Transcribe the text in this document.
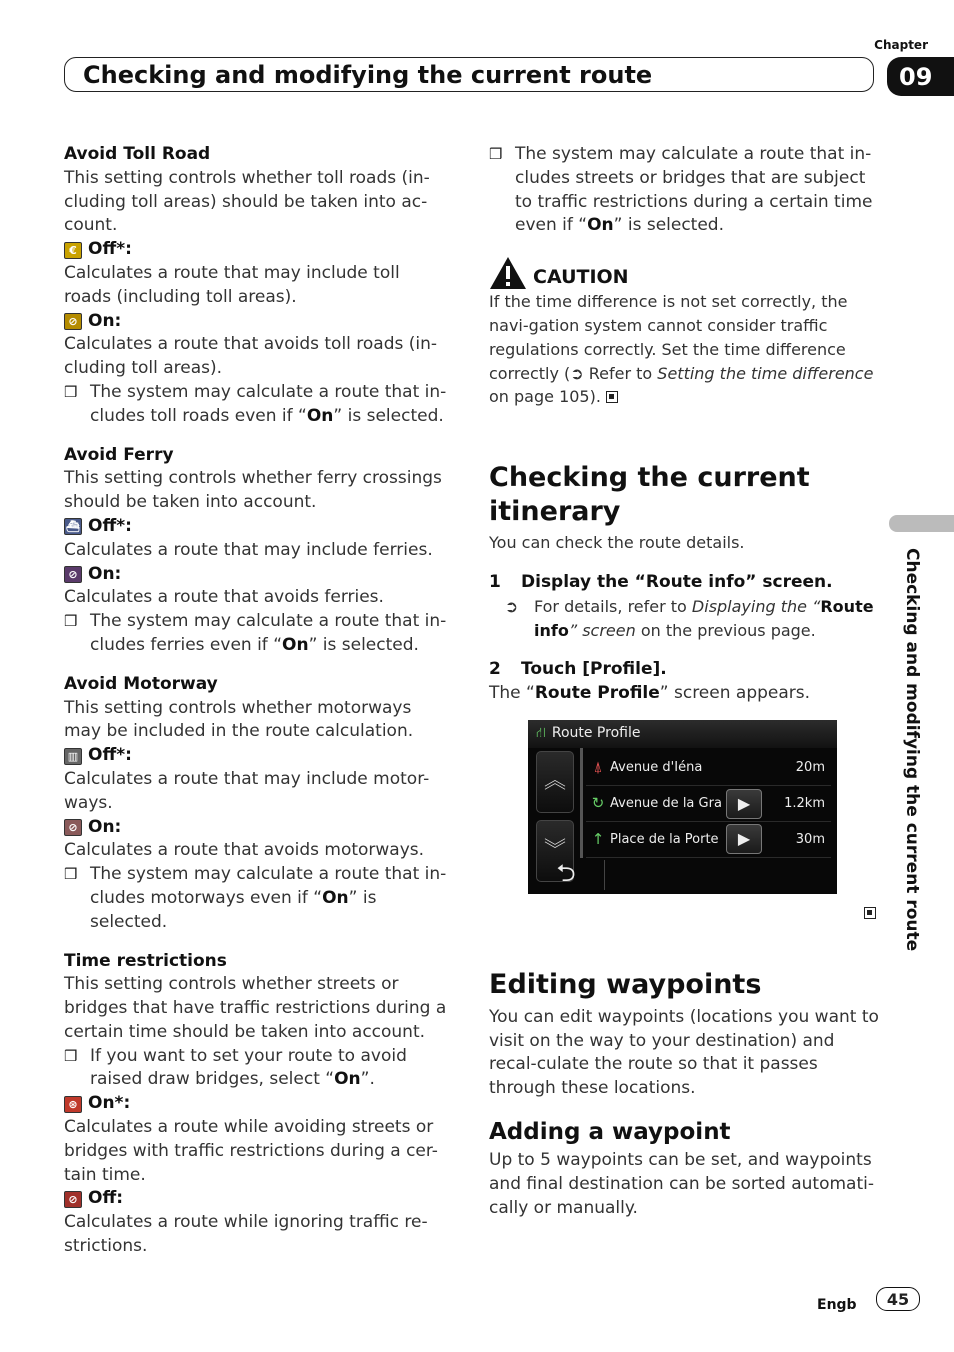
Chapter
09
Checking and modifying the current route
Avoid Toll Road
This setting controls whether toll roads (in-cluding toll areas) should be taken into ac-count.
€ Off*:
Calculates a route that may include toll roads (including toll areas).
⊘ On:
Calculates a route that avoids toll roads (in-cluding toll areas).
❒ The system may calculate a route that in-cludes toll roads even if “On” is selected.
Avoid Ferry
This setting controls whether ferry crossings should be taken into account.
⛴ Off*:
Calculates a route that may include ferries.
⊘ On:
Calculates a route that avoids ferries.
❒ The system may calculate a route that in-cludes ferries even if “On” is selected.
Avoid Motorway
This setting controls whether motorways may be included in the route calculation.
▥ Off*:
Calculates a route that may include motor-ways.
⊘ On:
Calculates a route that avoids motorways.
❒ The system may calculate a route that in-cludes motorways even if “On” is selected.
Time restrictions
This setting controls whether streets or bridges that have traffic restrictions during a certain time should be taken into account.
❒ If you want to set your route to avoid raised draw bridges, select “On”.
⊛ On*:
Calculates a route while avoiding streets or bridges with traffic restrictions during a cer-tain time.
⊘ Off:
Calculates a route while ignoring traffic re-strictions.
❒ The system may calculate a route that in-cludes streets or bridges that are subject to traffic restrictions during a certain time even if “On” is selected.
CAUTION
If the time difference is not set correctly, the navi-gation system cannot consider traffic regulations correctly. Set the time difference correctly (➲ Refer to Setting the time difference on page 105).
Checking the current itinerary
You can check the route details.
1	Display the “Route info” screen.
➲ For details, refer to Displaying the “Route info” screen on the previous page.
2	Touch [Profile].
The “Route Profile” screen appears.
⛙ Route Profile
︽
︾
⍋ Avenue d'Iéna	20m
↻ Avenue de la Gra	1.2km
↑ Place de la Porte	30m
▶
▶
⮌
Editing waypoints
You can edit waypoints (locations you want to visit on the way to your destination) and recal-culate the route so that it passes through these locations.
Adding a waypoint
Up to 5 waypoints can be set, and waypoints and final destination can be sorted automati-cally or manually.
Checking and modifying the current route
Engb	45
